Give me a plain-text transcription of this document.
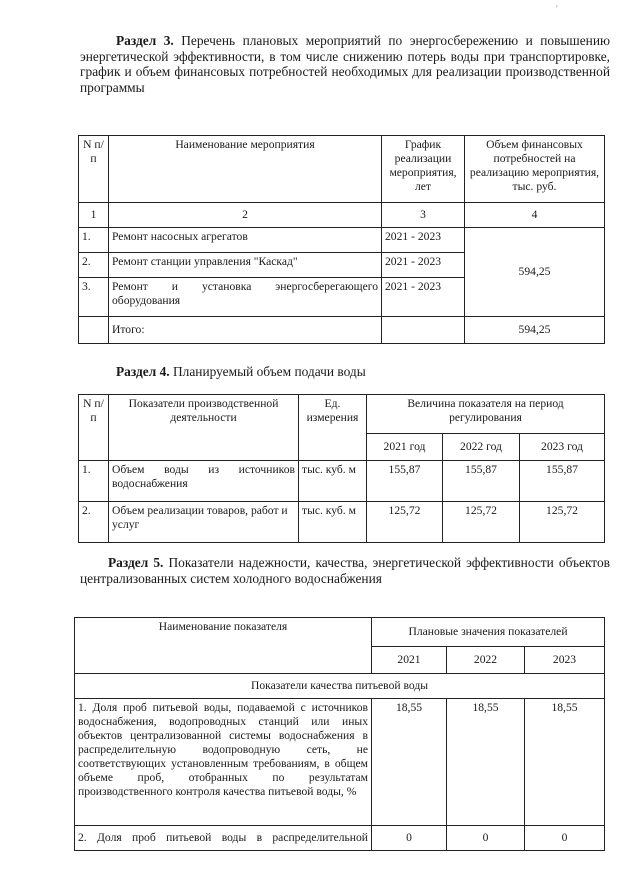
'
Раздел 3. Перечень плановых мероприятий по энергосбережению и повышению энергетической эффективности, в том числе снижению потерь воды при транспортировке, график и объем финансовых потребностей необходимых для реализации производственной программы
N п/п	Наименование мероприятия	График реализации мероприятия, лет	Объем финансовых потребностей на реализацию мероприятия, тыс. руб.
1	2	3	4
1.	Ремонт насосных агрегатов	2021 - 2023	594,25
2.	Ремонт станции управления "Каскад"	2021 - 2023	
3.	Ремонт и установка энергосберегающего оборудования	2021 - 2023	
	Итого:		594,25
Раздел 4. Планируемый объем подачи воды
N п/п	Показатели производственной деятельности	Ед. измерения	Величина показателя на период регулирования		
			2021 год	2022 год	2023 год
1.	Объем воды из источников водоснабжения	тыс. куб. м	155,87	155,87	155,87
2.	Объем реализации товаров, работ и услуг	тыс. куб. м	125,72	125,72	125,72
Раздел 5. Показатели надежности, качества, энергетической эффективности объектов централизованных систем холодного водоснабжения
Наименование показателя	Плановые значения показателей		
	2021	2022	2023
Показатели качества питьевой воды			
1. Доля проб питьевой воды, подаваемой с источников водоснабжения, водопроводных станций или иных объектов централизованной системы водоснабжения в распределительную водопроводную сеть, не соответствующих установленным требованиям, в общем объеме проб, отобранных по результатам производственного контроля качества питьевой воды, %	18,55	18,55	18,55
2. Доля проб питьевой воды в распределительной	0	0	0
